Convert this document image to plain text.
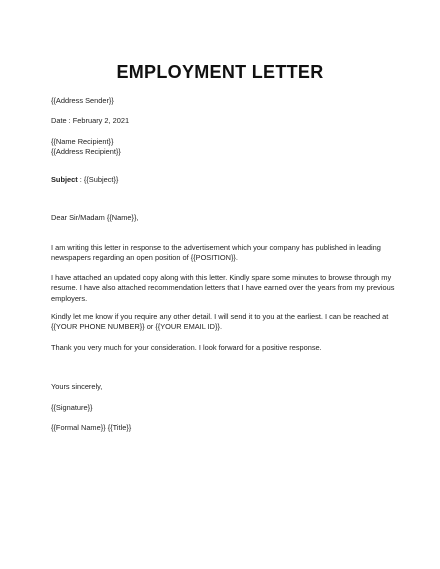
EMPLOYMENT LETTER
{{Address Sender}}
Date : February 2, 2021
{{Name Recipient}}
{{Address Recipient}}
Subject : {{Subject}}
Dear Sir/Madam {{Name}},
I am writing this letter in response to the advertisement which your company has published in leading newspapers regarding an open position of {{POSITION}}.
I have attached an updated copy along with this letter. Kindly spare some minutes to browse through my resume. I have also attached recommendation letters that I have earned over the years from my previous employers.
Kindly let me know if you require any other detail. I will send it to you at the earliest. I can be reached at {{YOUR PHONE NUMBER}} or {{YOUR EMAIL ID}}.
Thank you very much for your consideration. I look forward for a positive response.
Yours sincerely,
{{Signature}}
{{Formal Name}} {{Title}}
